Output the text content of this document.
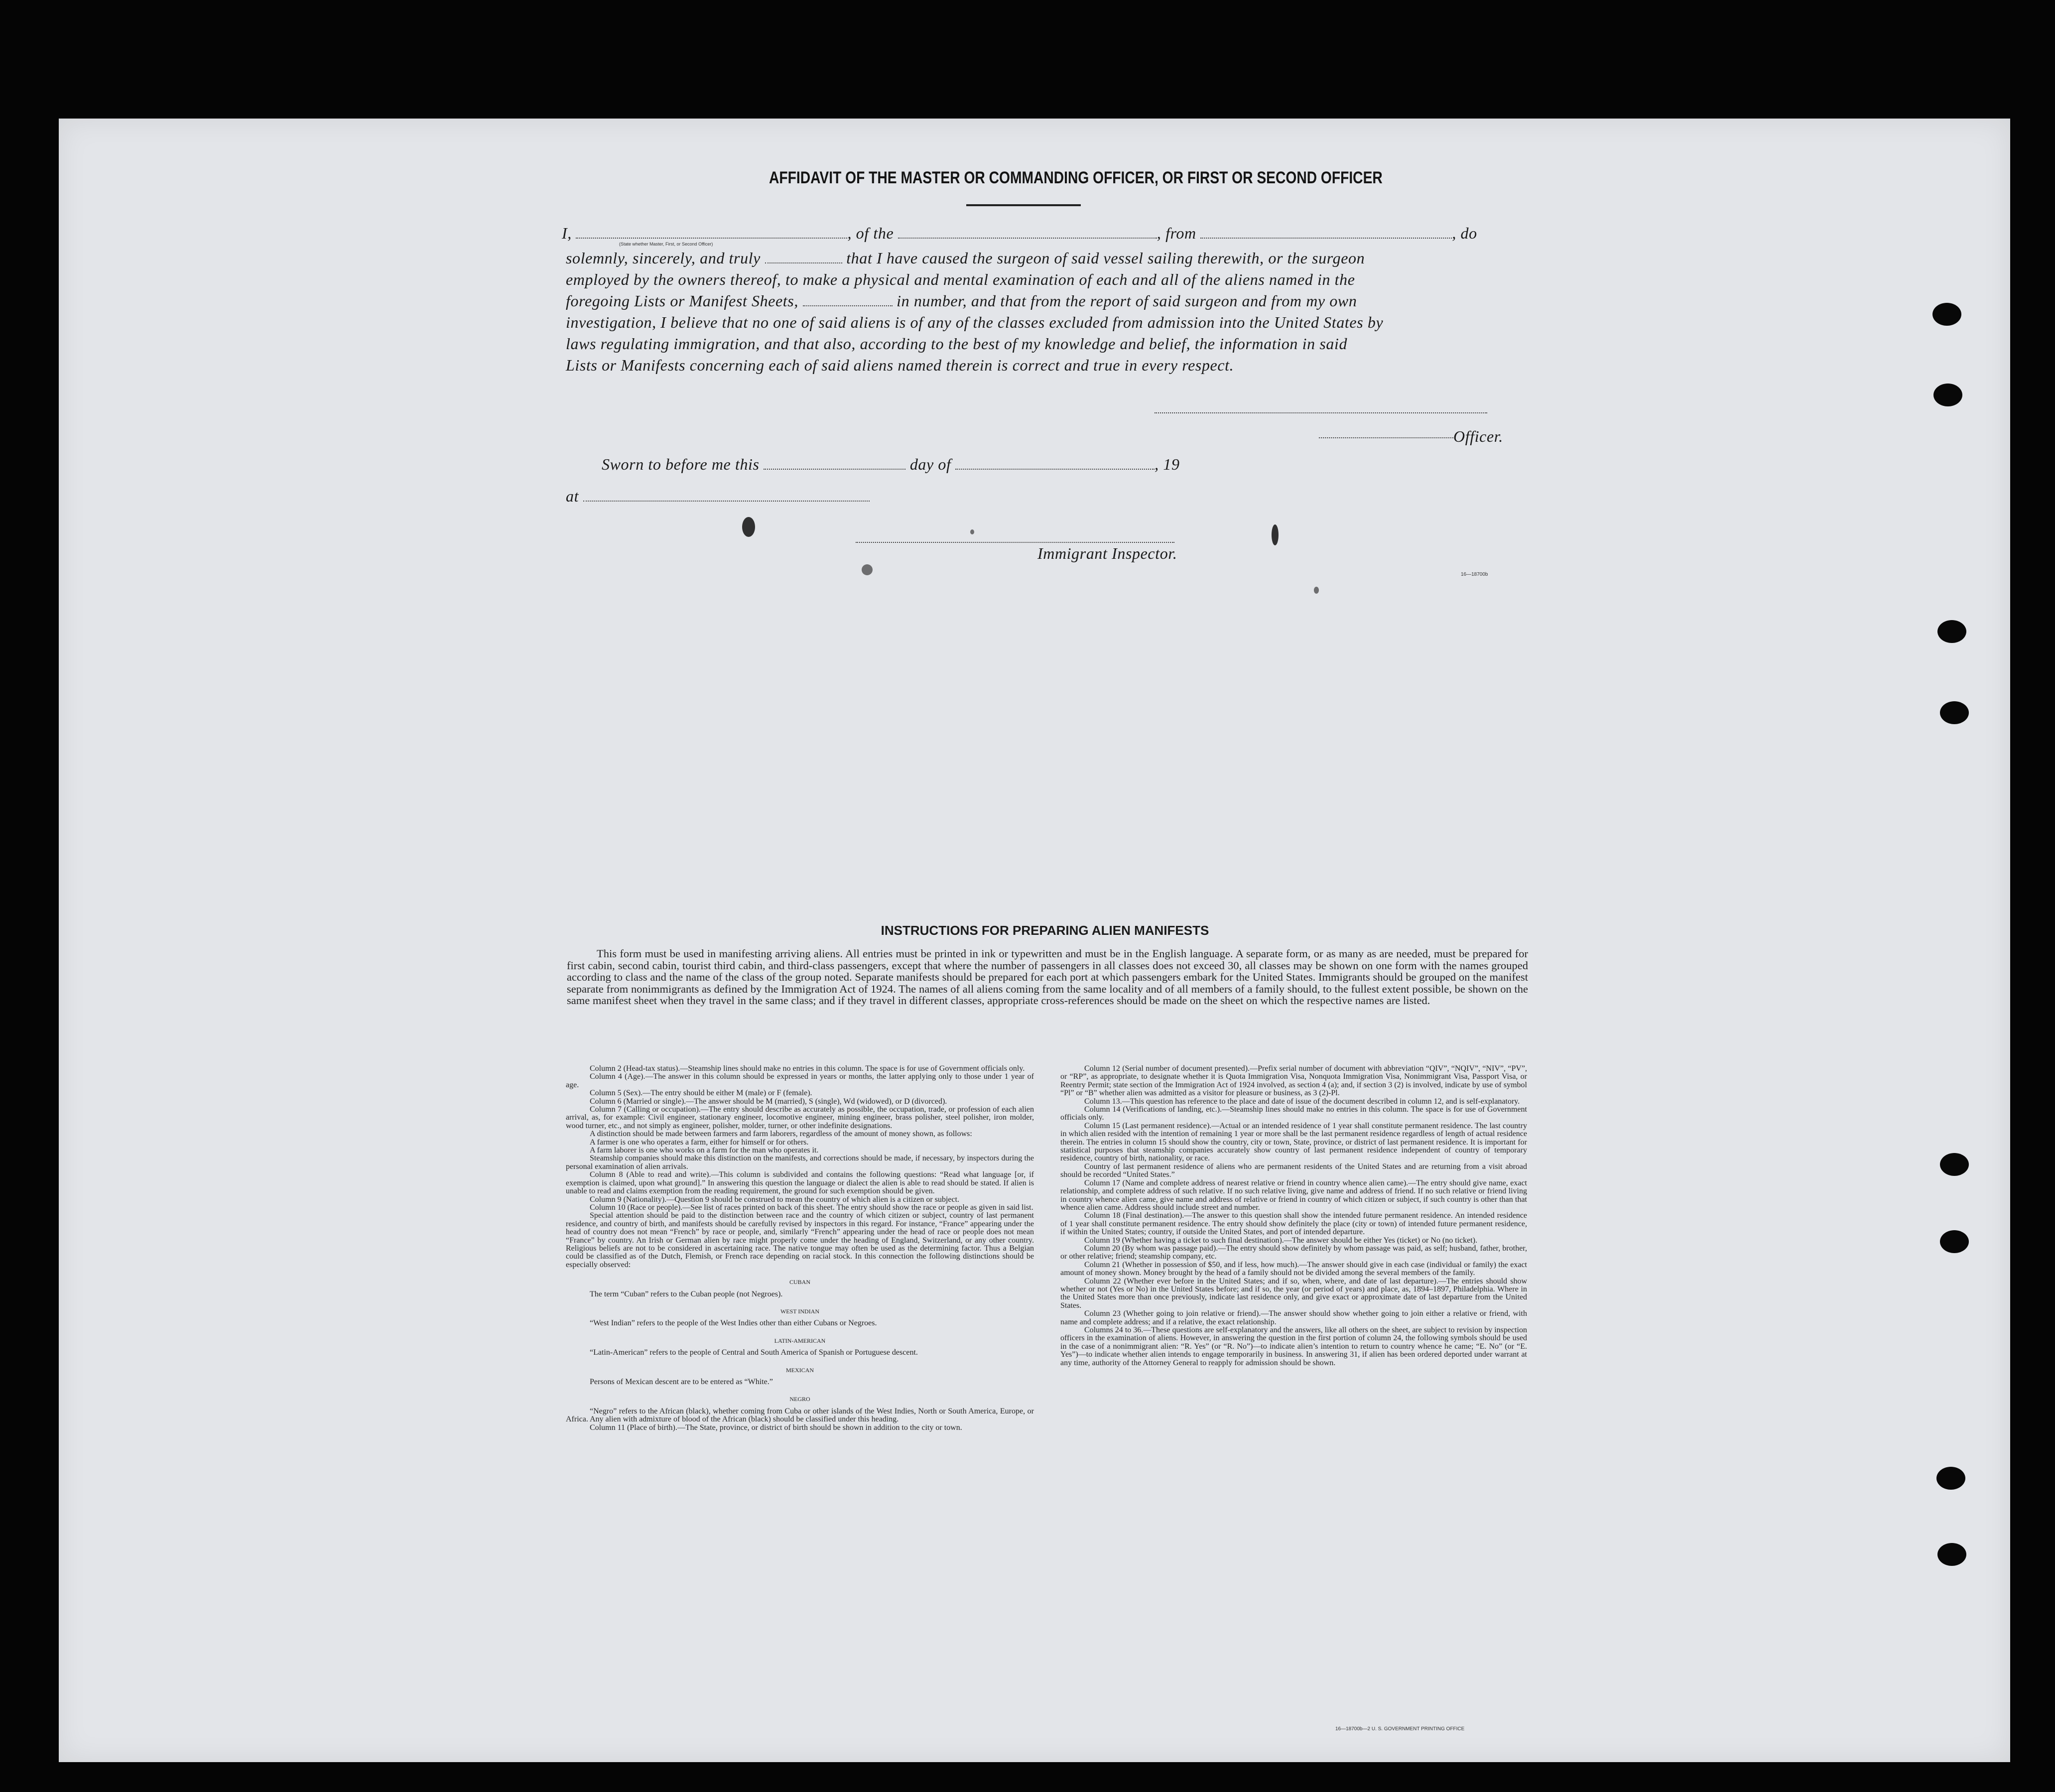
AFFIDAVIT OF THE MASTER OR COMMANDING OFFICER, OR FIRST OR SECOND OFFICER
I,	, of the	, from	, do
(State whether Master, First, or Second Officer)
solemnly, sincerely, and truly	that I have caused the surgeon of said vessel sailing therewith, or the surgeon
employed by the owners thereof, to make a physical and mental examination of each and all of the aliens named in the
foregoing Lists or Manifest Sheets,	in number, and that from the report of said surgeon and from my own
investigation, I believe that no one of said aliens is of any of the classes excluded from admission into the United States by
laws regulating immigration, and that also, according to the best of my knowledge and belief, the information in said
Lists or Manifests concerning each of said aliens named therein is correct and true in every respect.
Officer.
Sworn to before me this	day of	, 19
at
Immigrant Inspector.
16—18700b
INSTRUCTIONS FOR PREPARING ALIEN MANIFESTS
This form must be used in manifesting arriving aliens. All entries must be printed in ink or typewritten and must be in the English language. A separate form, or as many as are needed, must be prepared for first cabin, second cabin, tourist third cabin, and third-class passengers, except that where the number of passengers in all classes does not exceed 30, all classes may be shown on one form with the names grouped according to class and the name of the class of the group noted. Separate manifests should be prepared for each port at which passengers embark for the United States. Immigrants should be grouped on the manifest separate from nonimmigrants as defined by the Immigration Act of 1924. The names of all aliens coming from the same locality and of all members of a family should, to the fullest extent possible, be shown on the same manifest sheet when they travel in the same class; and if they travel in different classes, appropriate cross-references should be made on the sheet on which the respective names are listed.

Column 2 (Head-tax status).—Steamship lines should make no entries in this column. The space is for use of Government officials only.

Column 4 (Age).—The answer in this column should be expressed in years or months, the latter applying only to those under 1 year of age.

Column 5 (Sex).—The entry should be either M (male) or F (female).

Column 6 (Married or single).—The answer should be M (married), S (single), Wd (widowed), or D (divorced).

Column 7 (Calling or occupation).—The entry should describe as accurately as possible, the occupation, trade, or profession of each alien arrival, as, for example: Civil engineer, stationary engineer, locomotive engineer, mining engineer, brass polisher, steel polisher, iron molder, wood turner, etc., and not simply as engineer, polisher, molder, turner, or other indefinite designations.

A distinction should be made between farmers and farm laborers, regardless of the amount of money shown, as follows:

A farmer is one who operates a farm, either for himself or for others.

A farm laborer is one who works on a farm for the man who operates it.

Steamship companies should make this distinction on the manifests, and corrections should be made, if necessary, by inspectors during the personal examination of alien arrivals.

Column 8 (Able to read and write).—This column is subdivided and contains the following questions: “Read what language [or, if exemption is claimed, upon what ground].” In answering this question the language or dialect the alien is able to read should be stated. If alien is unable to read and claims exemption from the reading requirement, the ground for such exemption should be given.

Column 9 (Nationality).—Question 9 should be construed to mean the country of which alien is a citizen or subject.

Column 10 (Race or people).—See list of races printed on back of this sheet. The entry should show the race or people as given in said list.

Special attention should be paid to the distinction between race and the country of which citizen or subject, country of last permanent residence, and country of birth, and manifests should be carefully revised by inspectors in this regard. For instance, “France” appearing under the head of country does not mean “French” by race or people, and, similarly “French” appearing under the head of race or people does not mean “France” by country. An Irish or German alien by race might properly come under the heading of England, Switzerland, or any other country. Religious beliefs are not to be considered in ascertaining race. The native tongue may often be used as the determining factor. Thus a Belgian could be classified as of the Dutch, Flemish, or French race depending on racial stock. In this connection the following distinctions should be especially observed:

CUBAN

The term “Cuban” refers to the Cuban people (not Negroes).

WEST INDIAN

“West Indian” refers to the people of the West Indies other than either Cubans or Negroes.

LATIN-AMERICAN

“Latin-American” refers to the people of Central and South America of Spanish or Portuguese descent.

MEXICAN

Persons of Mexican descent are to be entered as “White.”

NEGRO

“Negro” refers to the African (black), whether coming from Cuba or other islands of the West Indies, North or South America, Europe, or Africa. Any alien with admixture of blood of the African (black) should be classified under this heading.

Column 11 (Place of birth).—The State, province, or district of birth should be shown in addition to the city or town.

Column 12 (Serial number of document presented).—Prefix serial number of document with abbreviation “QIV”, “NQIV”, “NIV”, “PV”, or “RP”, as appropriate, to designate whether it is Quota Immigration Visa, Nonquota Immigration Visa, Nonimmigrant Visa, Passport Visa, or Reentry Permit; state section of the Immigration Act of 1924 involved, as section 4 (a); and, if section 3 (2) is involved, indicate by use of symbol “Pl” or “B” whether alien was admitted as a visitor for pleasure or business, as 3 (2)-Pl.

Column 13.—This question has reference to the place and date of issue of the document described in column 12, and is self-explanatory.

Column 14 (Verifications of landing, etc.).—Steamship lines should make no entries in this column. The space is for use of Government officials only.

Column 15 (Last permanent residence).—Actual or an intended residence of 1 year shall constitute permanent residence. The last country in which alien resided with the intention of remaining 1 year or more shall be the last permanent residence regardless of length of actual residence therein. The entries in column 15 should show the country, city or town, State, province, or district of last permanent residence. It is important for statistical purposes that steamship companies accurately show country of last permanent residence independent of country of temporary residence, country of birth, nationality, or race.

Country of last permanent residence of aliens who are permanent residents of the United States and are returning from a visit abroad should be recorded “United States.”

Column 17 (Name and complete address of nearest relative or friend in country whence alien came).—The entry should give name, exact relationship, and complete address of such relative. If no such relative living, give name and address of friend. If no such relative or friend living in country whence alien came, give name and address of relative or friend in country of which citizen or subject, if such country is other than that whence alien came. Address should include street and number.

Column 18 (Final destination).—The answer to this question shall show the intended future permanent residence. An intended residence of 1 year shall constitute permanent residence. The entry should show definitely the place (city or town) of intended future permanent residence, if within the United States; country, if outside the United States, and port of intended departure.

Column 19 (Whether having a ticket to such final destination).—The answer should be either Yes (ticket) or No (no ticket).

Column 20 (By whom was passage paid).—The entry should show definitely by whom passage was paid, as self; husband, father, brother, or other relative; friend; steamship company, etc.

Column 21 (Whether in possession of $50, and if less, how much).—The answer should give in each case (individual or family) the exact amount of money shown. Money brought by the head of a family should not be divided among the several members of the family.

Column 22 (Whether ever before in the United States; and if so, when, where, and date of last departure).—The entries should show whether or not (Yes or No) in the United States before; and if so, the year (or period of years) and place, as, 1894–1897, Philadelphia. Where in the United States more than once previously, indicate last residence only, and give exact or approximate date of last departure from the United States.

Column 23 (Whether going to join relative or friend).—The answer should show whether going to join either a relative or friend, with name and complete address; and if a relative, the exact relationship.

Columns 24 to 36.—These questions are self-explanatory and the answers, like all others on the sheet, are subject to revision by inspection officers in the examination of aliens. However, in answering the question in the first portion of column 24, the following symbols should be used in the case of a nonimmigrant alien: “R. Yes” (or “R. No”)—to indicate alien’s intention to return to country whence he came; “E. No” (or “E. Yes”)—to indicate whether alien intends to engage temporarily in business. In answering 31, if alien has been ordered deported under warrant at any time, authority of the Attorney General to reapply for admission should be shown.

16—18700b—2 U. S. GOVERNMENT PRINTING OFFICE
